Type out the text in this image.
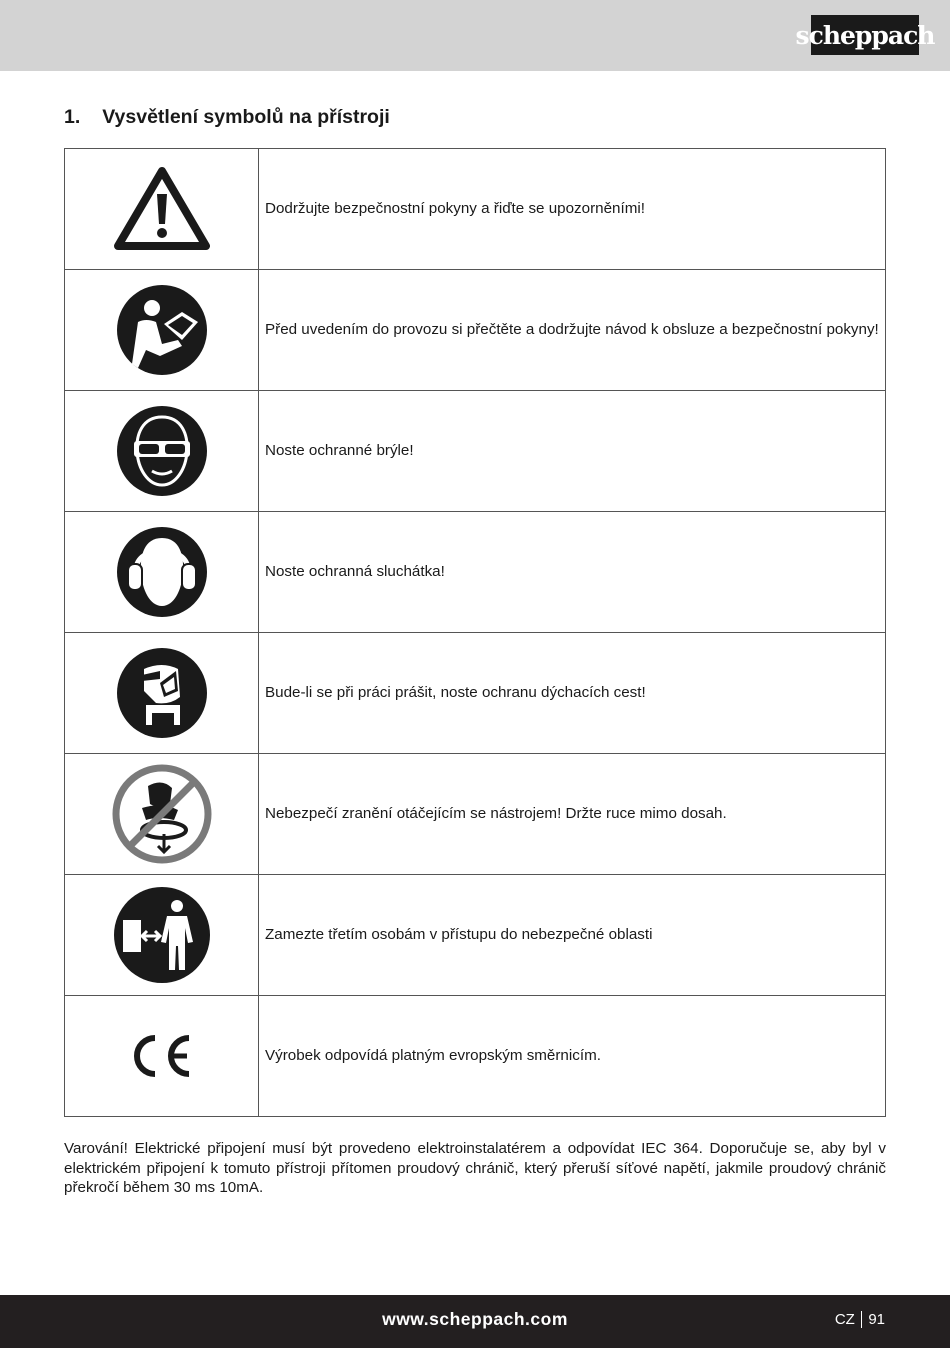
scheppach
1. Vysvětlení symbolů na přístroji
	Dodržujte bezpečnostní pokyny a řiďte se upozorněními!

	Před uvedením do provozu si přečtěte a dodržujte návod k obsluze a bezpečnostní pokyny!

	Noste ochranné brýle!

	Noste ochranná sluchátka!

	Bude-li se při práci prášit, noste ochranu dýchacích cest!

	Nebezpečí zranění otáčejícím se nástrojem! Držte ruce mimo dosah.

	Zamezte třetím osobám v přístupu do nebezpečné oblasti

	Výrobek odpovídá platným evropským směrnicím.
Varování! Elektrické připojení musí být provedeno elektroinstalatérem a odpovídat IEC 364. Doporučuje se, aby byl v elektrickém připojení k tomuto přístroji přítomen proudový chránič, který přeruší síťové napětí, jakmile proudový chránič překročí během 30 ms 10mA.
www.scheppach.com	CZ 91
